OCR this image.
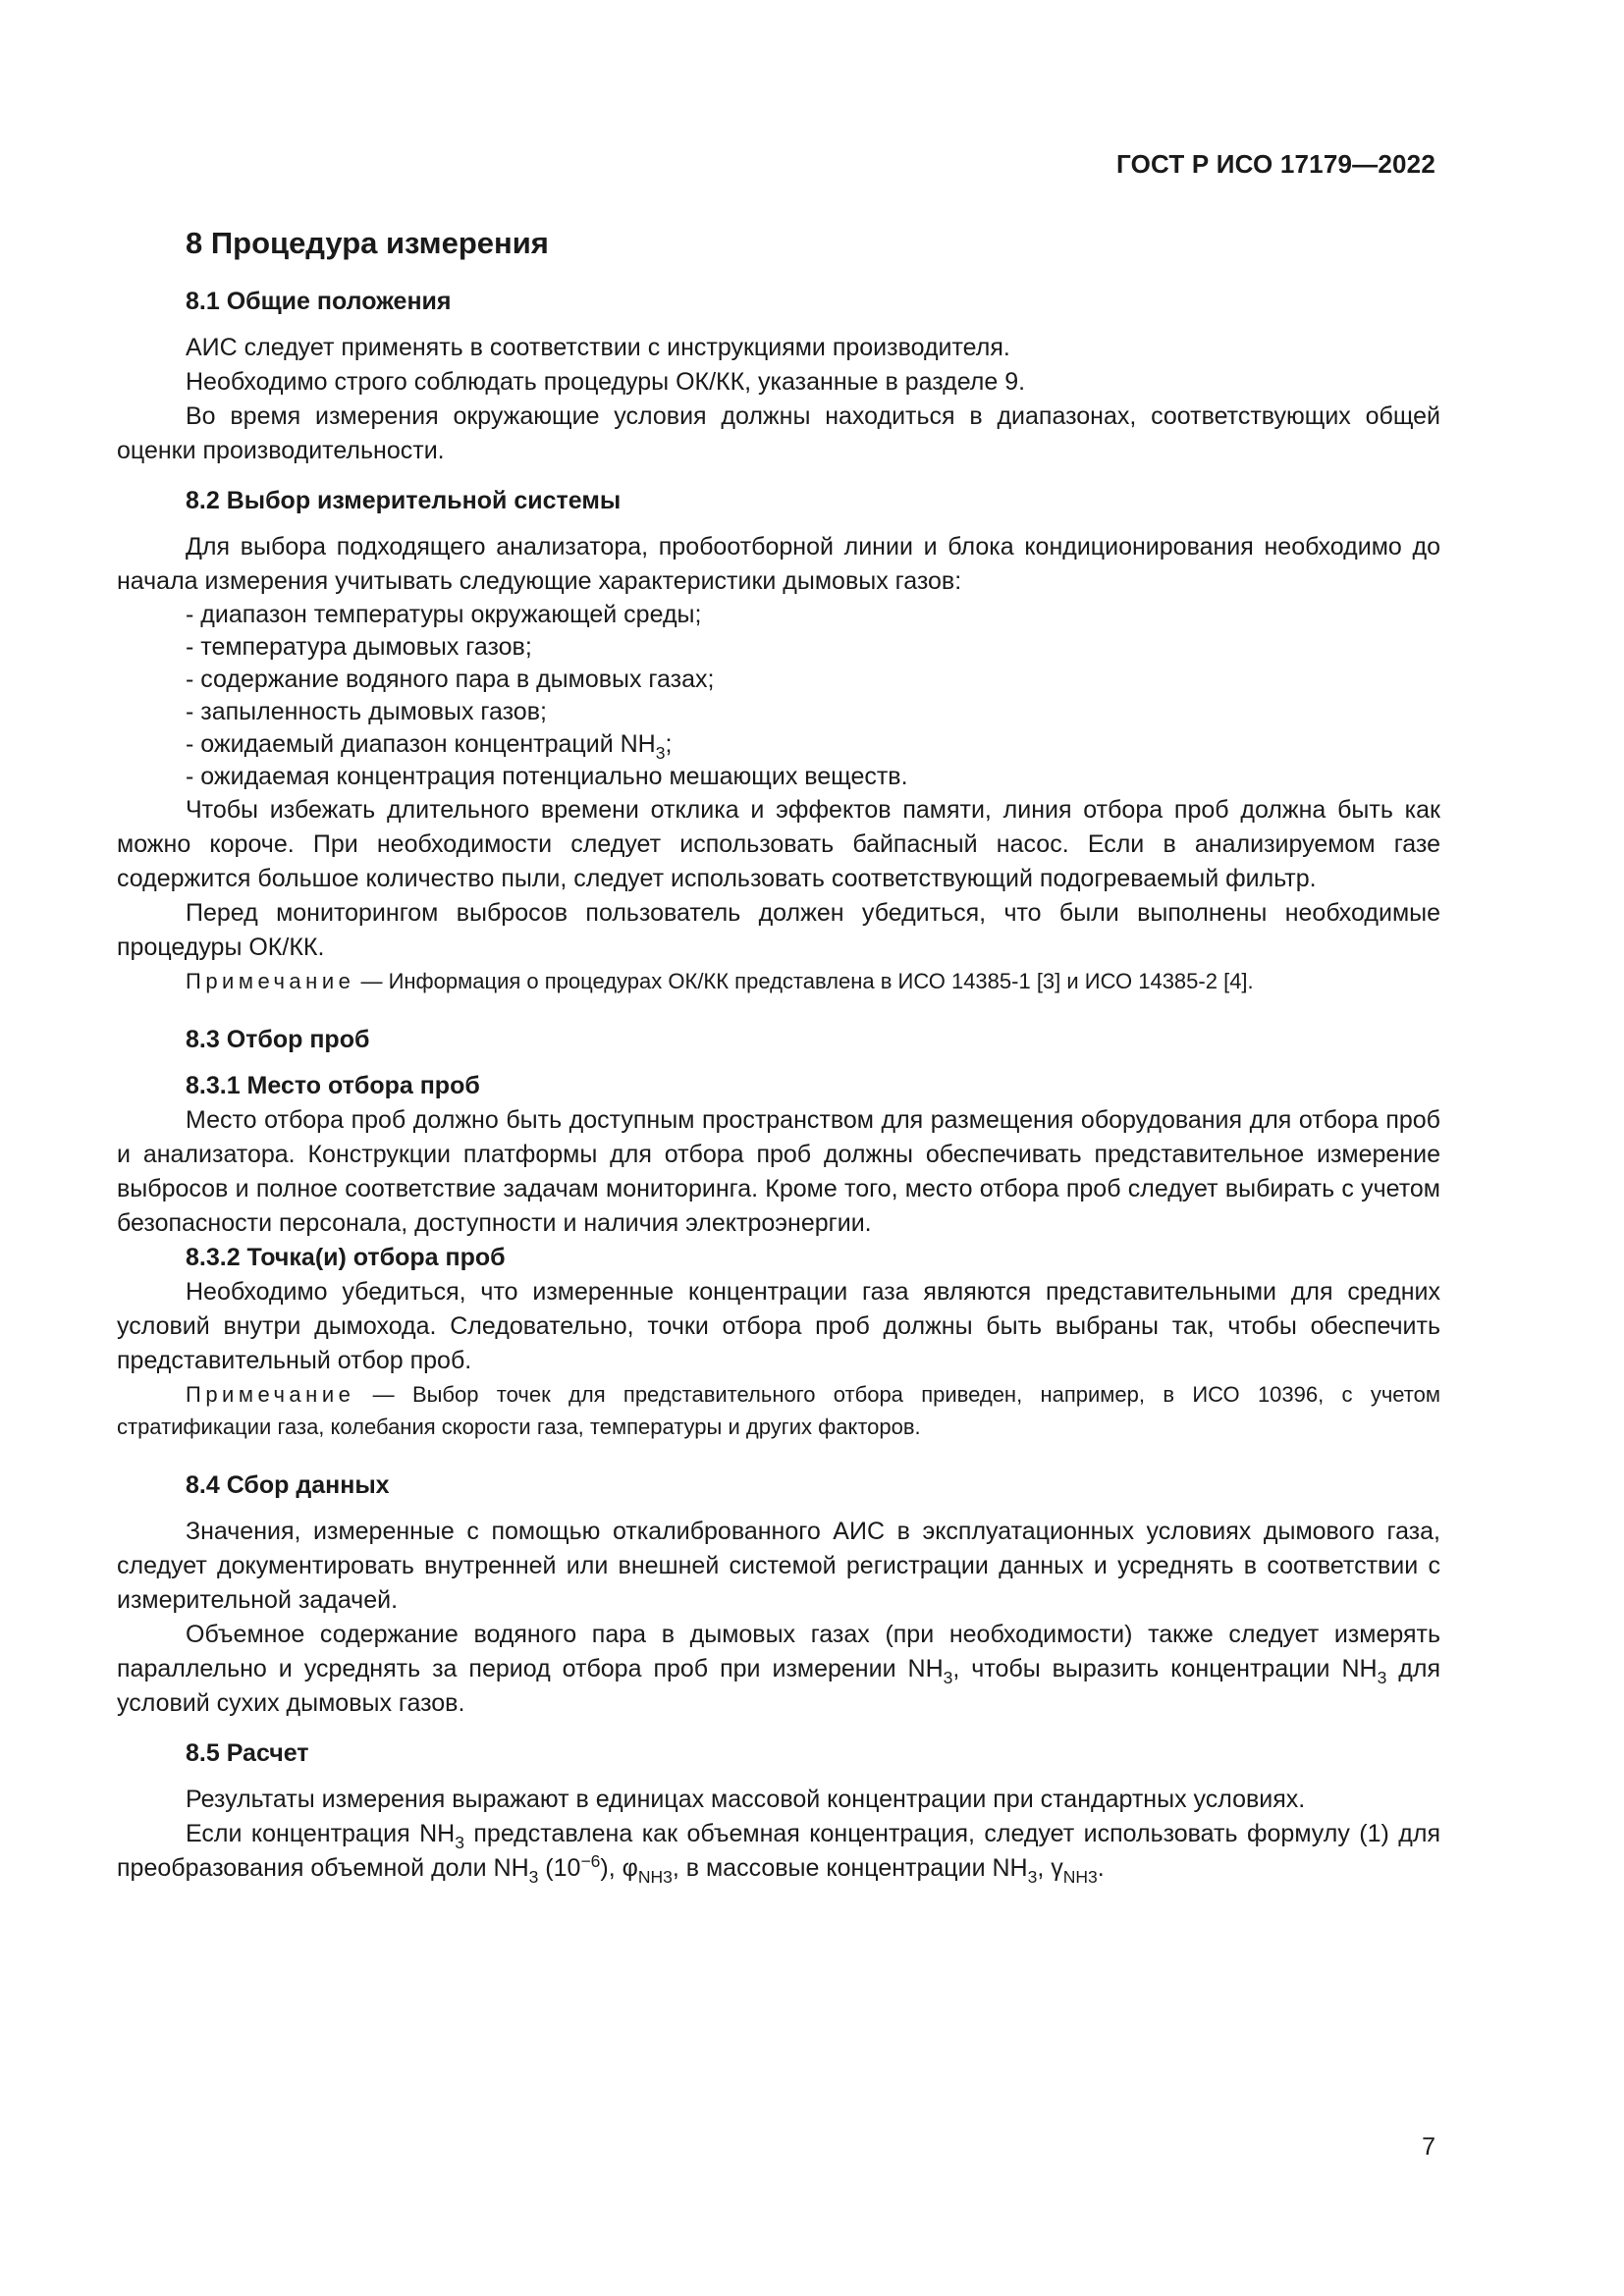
ГОСТ Р ИСО 17179—2022
8 Процедура измерения
8.1 Общие положения

АИС следует применять в соответствии с инструкциями производителя.

Необходимо строго соблюдать процедуры ОК/КК, указанные в разделе 9.

Во время измерения окружающие условия должны находиться в диапазонах, соответствующих общей оценки производительности.

8.2 Выбор измерительной системы

Для выбора подходящего анализатора, пробоотборной линии и блока кондиционирования необходимо до начала измерения учитывать следующие характеристики дымовых газов:

- диапазон температуры окружающей среды;
- температура дымовых газов;
- содержание водяного пара в дымовых газах;
- запыленность дымовых газов;
- ожидаемый диапазон концентраций $NH_3$;
- ожидаемая концентрация потенциально мешающих веществ.

Чтобы избежать длительного времени отклика и эффектов памяти, линия отбора проб должна быть как можно короче. При необходимости следует использовать байпасный насос. Если в анализируемом газе содержится большое количество пыли, следует использовать соответствующий подогреваемый фильтр.

Перед мониторингом выбросов пользователь должен убедиться, что были выполнены необходимые процедуры ОК/КК.

Примечание — Информация о процедурах ОК/КК представлена в ИСО 14385-1 [3] и ИСО 14385-2 [4].

8.3 Отбор проб
8.3.1 Место отбора проб

Место отбора проб должно быть доступным пространством для размещения оборудования для отбора проб и анализатора. Конструкции платформы для отбора проб должны обеспечивать представительное измерение выбросов и полное соответствие задачам мониторинга. Кроме того, место отбора проб следует выбирать с учетом безопасности персонала, доступности и наличия электроэнергии.

8.3.2 Точка(и) отбора проб

Необходимо убедиться, что измеренные концентрации газа являются представительными для средних условий внутри дымохода. Следовательно, точки отбора проб должны быть выбраны так, чтобы обеспечить представительный отбор проб.

Примечание — Выбор точек для представительного отбора приведен, например, в ИСО 10396, с учетом стратификации газа, колебания скорости газа, температуры и других факторов.

8.4 Сбор данных

Значения, измеренные с помощью откалиброванного АИС в эксплуатационных условиях дымового газа, следует документировать внутренней или внешней системой регистрации данных и усреднять в соответствии с измерительной задачей.

Объемное содержание водяного пара в дымовых газах (при необходимости) также следует измерять параллельно и усреднять за период отбора проб при измерении $NH_3$, чтобы выразить концентрации $NH_3$ для условий сухих дымовых газов.

8.5 Расчет

Результаты измерения выражают в единицах массовой концентрации при стандартных условиях.

Если концентрация $NH_3$ представлена как объемная концентрация, следует использовать формулу (1) для преобразования объемной доли $NH_3$ $(10^{-6})$, $\varphi_{NH3}$, в массовые концентрации $NH_3$, $\gamma_{NH3}$.

7
